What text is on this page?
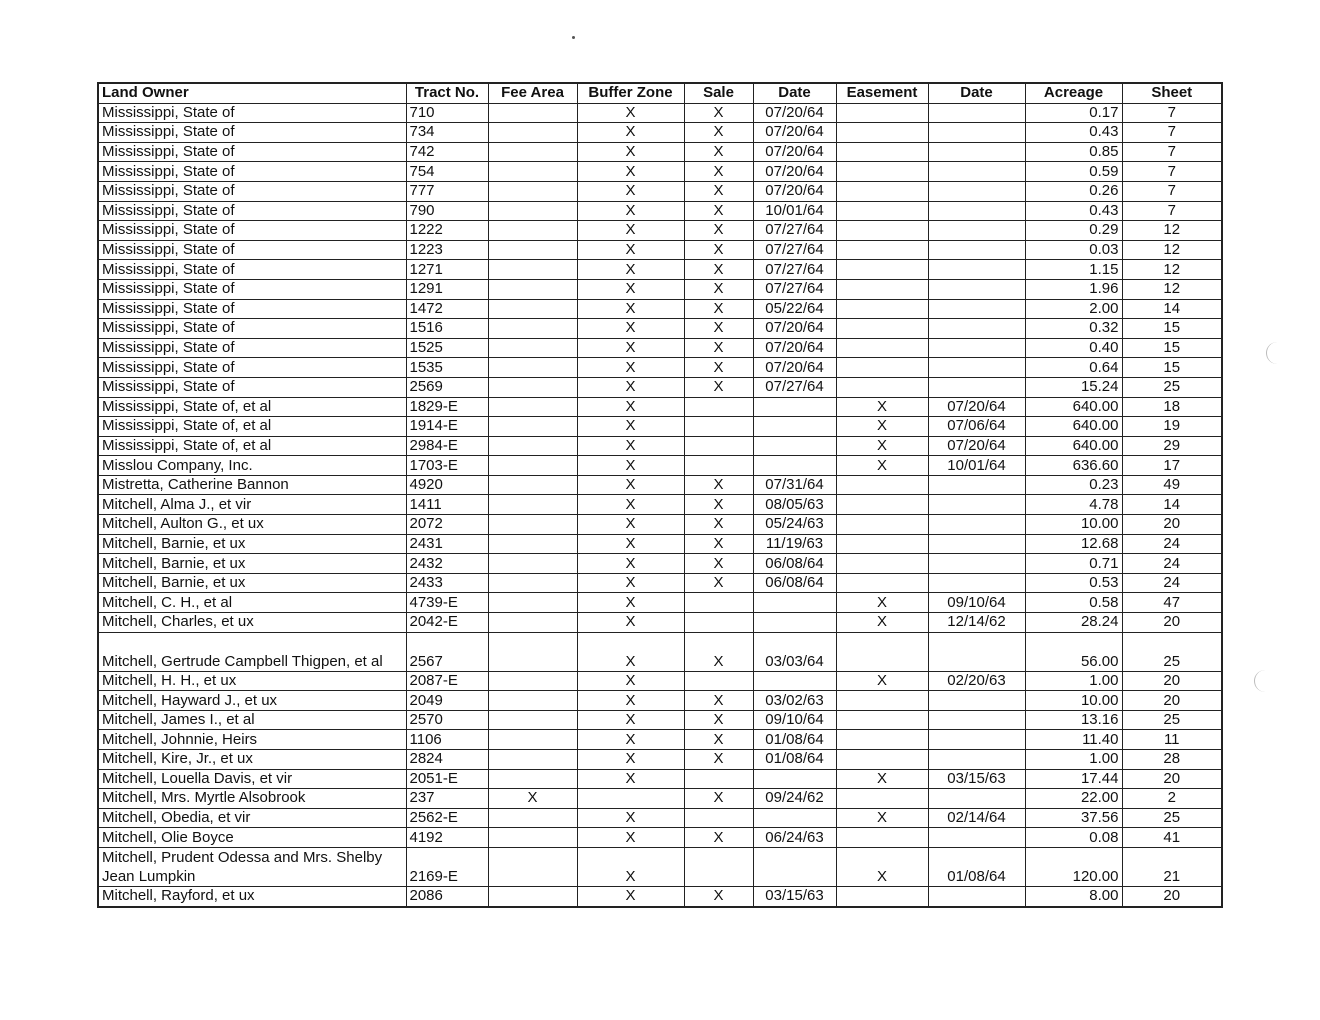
Land Owner	Tract No.	Fee Area	Buffer Zone	Sale	Date	Easement	Date	Acreage	Sheet
Mississippi, State of	710		X	X	07/20/64			0.17	7
Mississippi, State of	734		X	X	07/20/64			0.43	7
Mississippi, State of	742		X	X	07/20/64			0.85	7
Mississippi, State of	754		X	X	07/20/64			0.59	7
Mississippi, State of	777		X	X	07/20/64			0.26	7
Mississippi, State of	790		X	X	10/01/64			0.43	7
Mississippi, State of	1222		X	X	07/27/64			0.29	12
Mississippi, State of	1223		X	X	07/27/64			0.03	12
Mississippi, State of	1271		X	X	07/27/64			1.15	12
Mississippi, State of	1291		X	X	07/27/64			1.96	12
Mississippi, State of	1472		X	X	05/22/64			2.00	14
Mississippi, State of	1516		X	X	07/20/64			0.32	15
Mississippi, State of	1525		X	X	07/20/64			0.40	15
Mississippi, State of	1535		X	X	07/20/64			0.64	15
Mississippi, State of	2569		X	X	07/27/64			15.24	25
Mississippi, State of, et al	1829-E		X			X	07/20/64	640.00	18
Mississippi, State of, et al	1914-E		X			X	07/06/64	640.00	19
Mississippi, State of, et al	2984-E		X			X	07/20/64	640.00	29
Misslou Company, Inc.	1703-E		X			X	10/01/64	636.60	17
Mistretta, Catherine Bannon	4920		X	X	07/31/64			0.23	49
Mitchell, Alma J., et vir	1411		X	X	08/05/63			4.78	14
Mitchell, Aulton G., et ux	2072		X	X	05/24/63			10.00	20
Mitchell, Barnie, et ux	2431		X	X	11/19/63			12.68	24
Mitchell, Barnie, et ux	2432		X	X	06/08/64			0.71	24
Mitchell, Barnie, et ux	2433		X	X	06/08/64			0.53	24
Mitchell, C. H., et al	4739-E		X			X	09/10/64	0.58	47
Mitchell, Charles, et ux	2042-E		X			X	12/14/62	28.24	20
Mitchell, Gertrude Campbell Thigpen, et al	2567		X	X	03/03/64			56.00	25
Mitchell, H. H., et ux	2087-E		X			X	02/20/63	1.00	20
Mitchell, Hayward J., et ux	2049		X	X	03/02/63			10.00	20
Mitchell, James I., et al	2570		X	X	09/10/64			13.16	25
Mitchell, Johnnie, Heirs	1106		X	X	01/08/64			11.40	11
Mitchell, Kire, Jr., et ux	2824		X	X	01/08/64			1.00	28
Mitchell, Louella Davis, et vir	2051-E		X			X	03/15/63	17.44	20
Mitchell, Mrs. Myrtle Alsobrook	237	X		X	09/24/62			22.00	2
Mitchell, Obedia, et vir	2562-E		X			X	02/14/64	37.56	25
Mitchell, Olie Boyce	4192		X	X	06/24/63			0.08	41
Mitchell, Prudent Odessa and Mrs. Shelby Jean Lumpkin	2169-E		X			X	01/08/64	120.00	21
Mitchell, Rayford, et ux	2086		X	X	03/15/63			8.00	20
